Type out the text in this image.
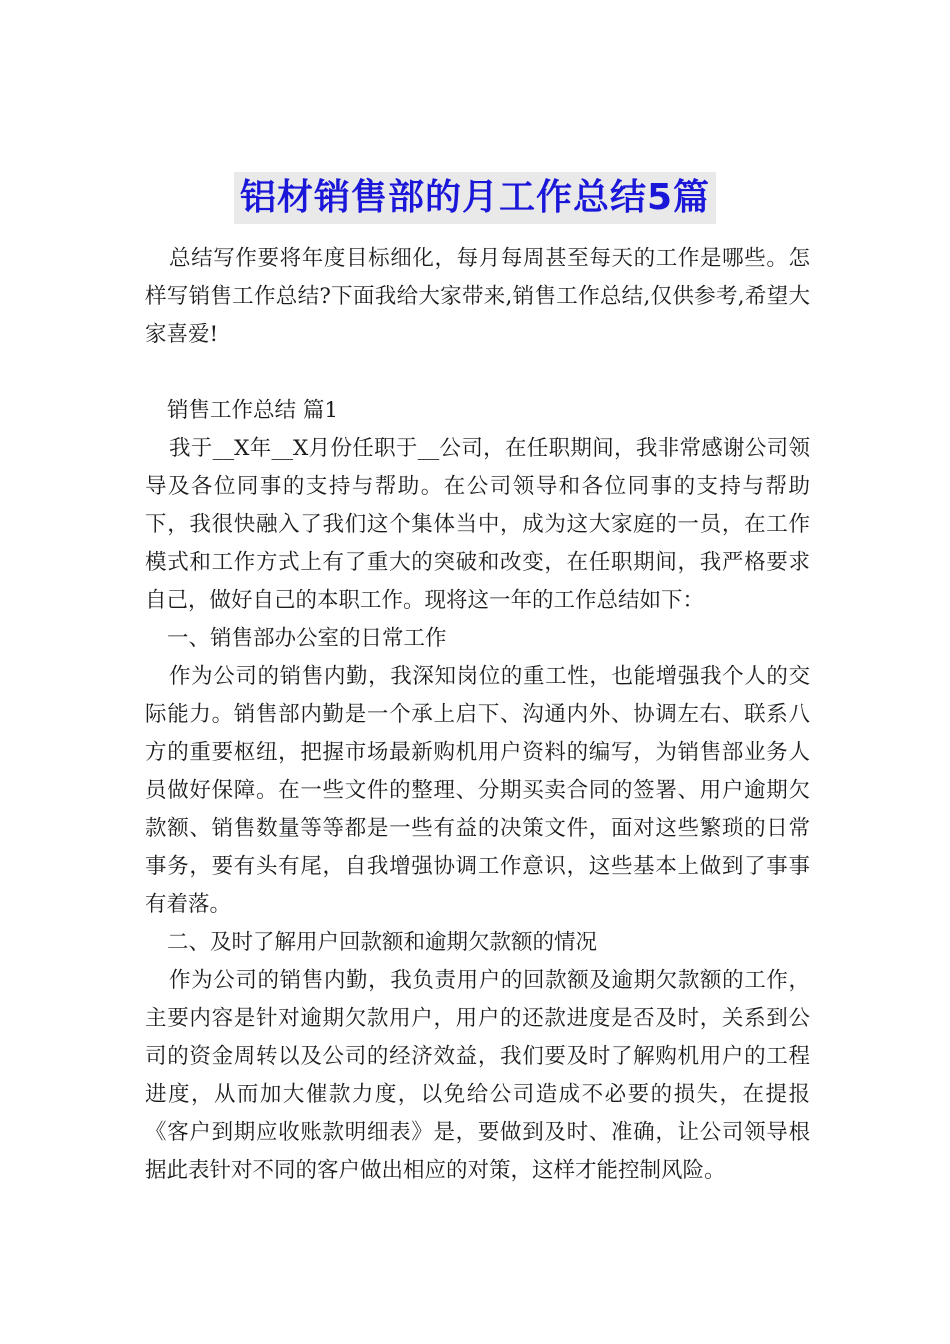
铝材销售部的月工作总结5篇

总结写作要将年度目标细化，每月每周甚至每天的工作是哪些。怎样写销售工作总结?下面我给大家带来,销售工作总结,仅供参考,希望大家喜爱!

销售工作总结 篇1

我于__X年__X月份任职于__公司，在任职期间，我非常感谢公司领导及各位同事的支持与帮助。在公司领导和各位同事的支持与帮助下，我很快融入了我们这个集体当中，成为这大家庭的一员，在工作模式和工作方式上有了重大的突破和改变，在任职期间，我严格要求自己，做好自己的本职工作。现将这一年的工作总结如下：

一、销售部办公室的日常工作

作为公司的销售内勤，我深知岗位的重工性，也能增强我个人的交际能力。销售部内勤是一个承上启下、沟通内外、协调左右、联系八方的重要枢纽，把握市场最新购机用户资料的编写，为销售部业务人员做好保障。在一些文件的整理、分期买卖合同的签署、用户逾期欠款额、销售数量等等都是一些有益的决策文件，面对这些繁琐的日常事务，要有头有尾，自我增强协调工作意识，这些基本上做到了事事有着落。

二、及时了解用户回款额和逾期欠款额的情况

作为公司的销售内勤，我负责用户的回款额及逾期欠款额的工作，主要内容是针对逾期欠款用户，用户的还款进度是否及时，关系到公司的资金周转以及公司的经济效益，我们要及时了解购机用户的工程进度，从而加大催款力度，以免给公司造成不必要的损失，在提报《客户到期应收账款明细表》是，要做到及时、准确，让公司领导根据此表针对不同的客户做出相应的对策，这样才能控制风险。
